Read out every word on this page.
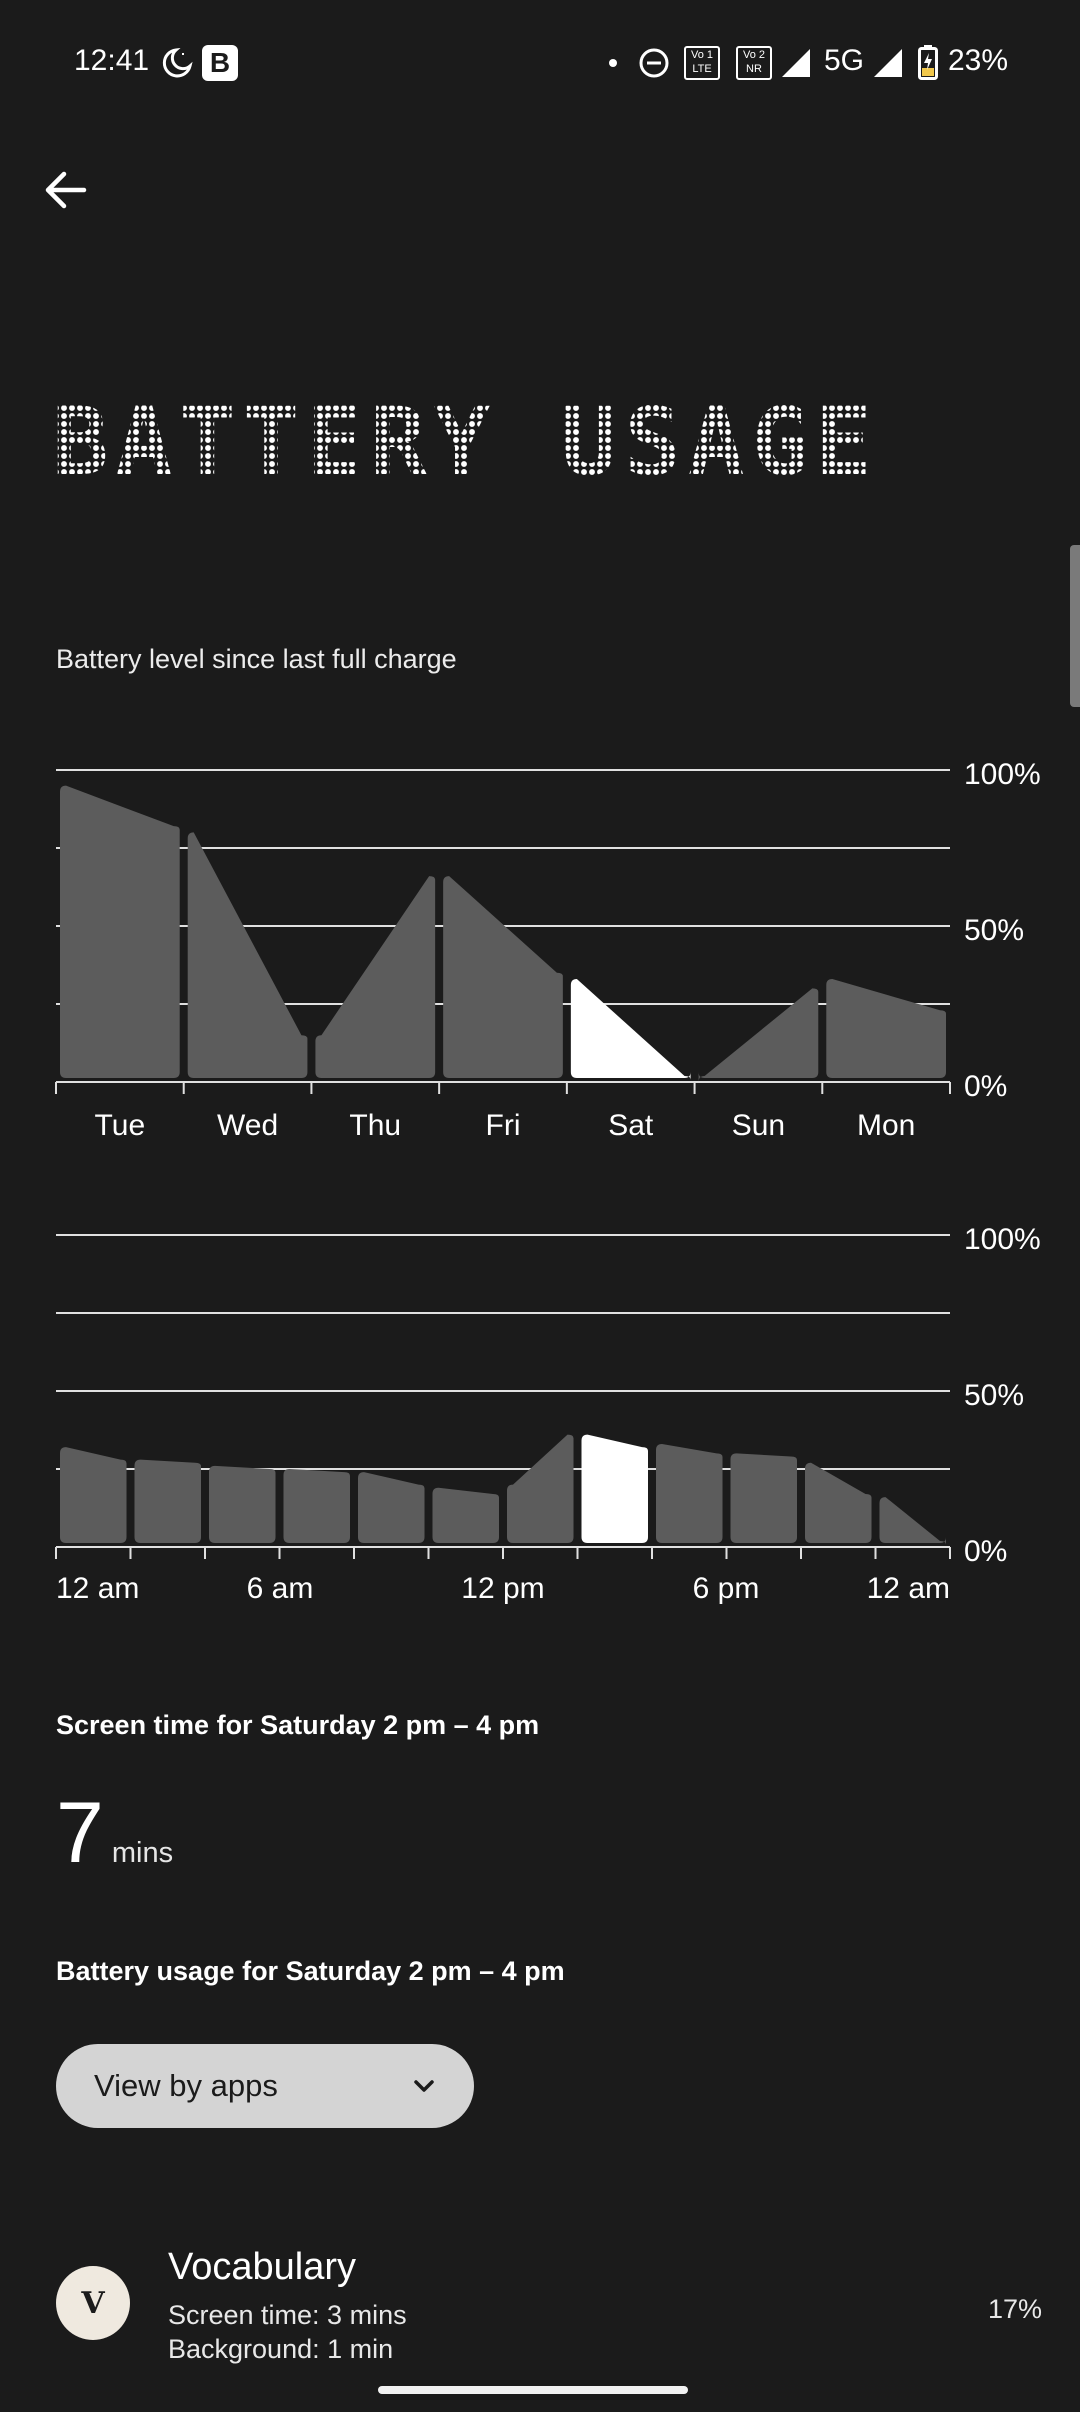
12:41 B	Vo 1
LTE
Vo 2
NR 5G	23%
BATTERY USAGE
Battery level since last full charge
100%
50%
0%
Tue Wed Thu	Fri	Sat	Sun Mon
100%
50%
0%
12 am	6 am	12 pm	6 pm	12 am
Screen time for Saturday 2 pm – 4 pm
7 mins
Battery usage for Saturday 2 pm – 4 pm
View by apps
V
Vocabulary
Screen time: 3 mins
Background: 1 min
17%
